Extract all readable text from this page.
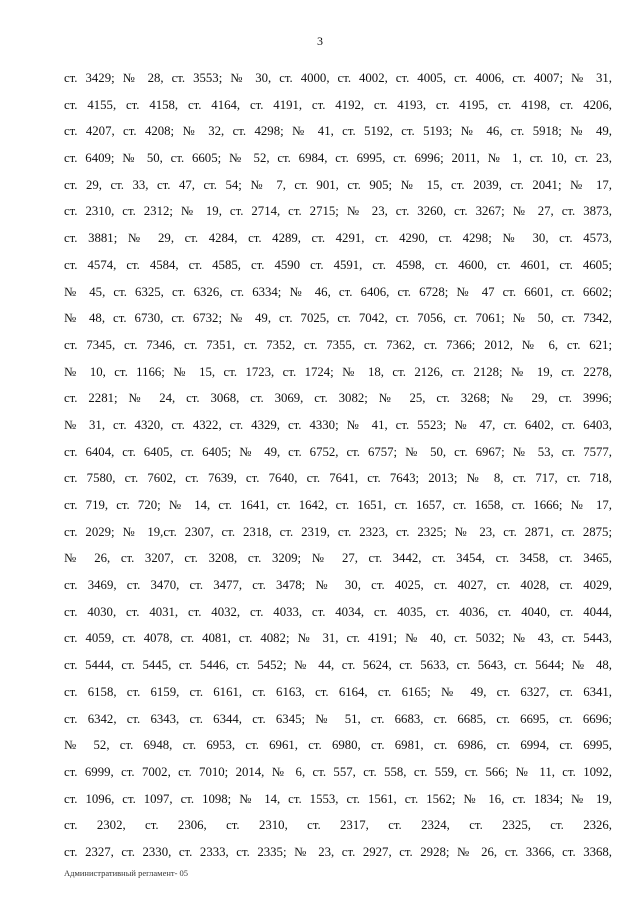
3
ст. 3429; № 28, ст. 3553; № 30, ст. 4000, ст. 4002, ст. 4005, ст. 4006, ст. 4007; № 31,
ст. 4155, ст. 4158, ст. 4164, ст. 4191, ст. 4192, ст. 4193, ст. 4195, ст. 4198, ст. 4206,
ст. 4207, ст. 4208; № 32, ст. 4298; № 41, ст. 5192, ст. 5193; № 46, ст. 5918; № 49,
ст. 6409; № 50, ст. 6605; № 52, ст. 6984, ст. 6995, ст. 6996; 2011, № 1, ст. 10, ст. 23,
ст. 29, ст. 33, ст. 47, ст. 54; № 7, ст. 901, ст. 905; № 15, ст. 2039, ст. 2041; № 17,
ст. 2310, ст. 2312; № 19, ст. 2714, ст. 2715; № 23, ст. 3260, ст. 3267; № 27, ст. 3873,
ст. 3881; № 29, ст. 4284, ст. 4289, ст. 4291, ст. 4290, ст. 4298; № 30, ст. 4573,
ст. 4574, ст. 4584, ст. 4585, ст. 4590 ст. 4591, ст. 4598, ст. 4600, ст. 4601, ст. 4605;
№ 45, ст. 6325, ст. 6326, ст. 6334; № 46, ст. 6406, ст. 6728; № 47 ст. 6601, ст. 6602;
№ 48, ст. 6730, ст. 6732; № 49, ст. 7025, ст. 7042, ст. 7056, ст. 7061; № 50, ст. 7342,
ст. 7345, ст. 7346, ст. 7351, ст. 7352, ст. 7355, ст. 7362, ст. 7366; 2012, № 6, ст. 621;
№ 10, ст. 1166; № 15, ст. 1723, ст. 1724; № 18, ст. 2126, ст. 2128; № 19, ст. 2278,
ст. 2281; № 24, ст. 3068, ст. 3069, ст. 3082; № 25, ст. 3268; № 29, ст. 3996;
№ 31, ст. 4320, ст. 4322, ст. 4329, ст. 4330; № 41, ст. 5523; № 47, ст. 6402, ст. 6403,
ст. 6404, ст. 6405, ст. 6405; № 49, ст. 6752, ст. 6757; № 50, ст. 6967; № 53, ст. 7577,
ст. 7580, ст. 7602, ст. 7639, ст. 7640, ст. 7641, ст. 7643; 2013; № 8, ст. 717, ст. 718,
ст. 719, ст. 720; № 14, ст. 1641, ст. 1642, ст. 1651, ст. 1657, ст. 1658, ст. 1666; № 17,
ст. 2029; № 19,ст. 2307, ст. 2318, ст. 2319, ст. 2323, ст. 2325; № 23, ст. 2871, ст. 2875;
№ 26, ст. 3207, ст. 3208, ст. 3209; № 27, ст. 3442, ст. 3454, ст. 3458, ст. 3465,
ст. 3469, ст. 3470, ст. 3477, ст. 3478; № 30, ст. 4025, ст. 4027, ст. 4028, ст. 4029,
ст. 4030, ст. 4031, ст. 4032, ст. 4033, ст. 4034, ст. 4035, ст. 4036, ст. 4040, ст. 4044,
ст. 4059, ст. 4078, ст. 4081, ст. 4082; № 31, ст. 4191; № 40, ст. 5032; № 43, ст. 5443,
ст. 5444, ст. 5445, ст. 5446, ст. 5452; № 44, ст. 5624, ст. 5633, ст. 5643, ст. 5644; № 48,
ст. 6158, ст. 6159, ст. 6161, ст. 6163, ст. 6164, ст. 6165; № 49, ст. 6327, ст. 6341,
ст. 6342, ст. 6343, ст. 6344, ст. 6345; № 51, ст. 6683, ст. 6685, ст. 6695, ст. 6696;
№ 52, ст. 6948, ст. 6953, ст. 6961, ст. 6980, ст. 6981, ст. 6986, ст. 6994, ст. 6995,
ст. 6999, ст. 7002, ст. 7010; 2014, № 6, ст. 557, ст. 558, ст. 559, ст. 566; № 11, ст. 1092,
ст. 1096, ст. 1097, ст. 1098; № 14, ст. 1553, ст. 1561, ст. 1562; № 16, ст. 1834; № 19,
ст. 2302, ст. 2306, ст. 2310, ст. 2317, ст. 2324, ст. 2325, ст. 2326,
ст. 2327, ст. 2330, ст. 2333, ст. 2335; № 23, ст. 2927, ст. 2928; № 26, ст. 3366, ст. 3368,
Административный регламент- 05
